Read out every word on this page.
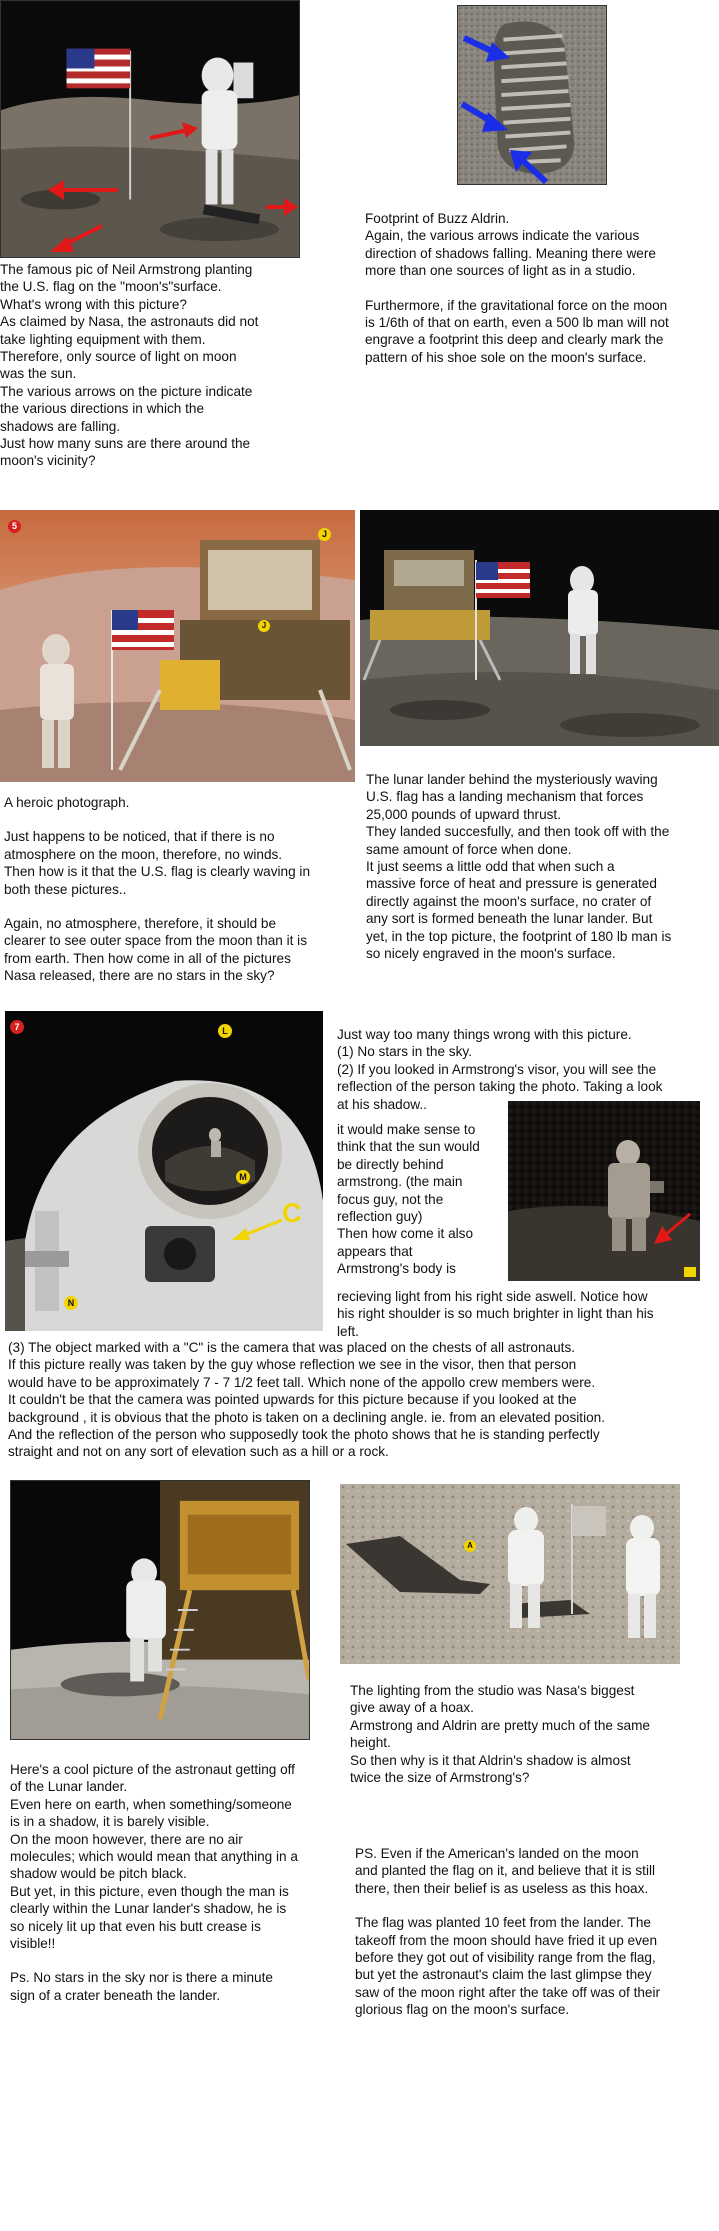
The famous pic of Neil Armstrong planting

the U.S. flag on the "moon's"surface.

What's wrong with this picture?

As claimed by Nasa, the astronauts did not

take lighting equipment with them.

Therefore, only source of light on moon

was the sun.

The various arrows on the picture indicate

the various directions in which the

shadows are falling.

Just how many suns are there around the

moon's vicinity?

Footprint of Buzz Aldrin.

Again, the various arrows indicate the various

direction of shadows falling. Meaning there were

more than one sources of light as in a studio.

Furthermore, if the gravitational force on the moon

is 1/6th of that on earth, even a 500 lb man will not

engrave a footprint this deep and clearly mark the

pattern of his shoe sole on the moon's surface.

5
J
J

A heroic photograph.

Just happens to be noticed, that if there is no

atmosphere on the moon, therefore, no winds.

Then how is it that the U.S. flag is clearly waving in

both these pictures..

Again, no atmosphere, therefore, it should be

clearer to see outer space from the moon than it is

from earth. Then how come in all of the pictures

Nasa released, there are no stars in the sky?

The lunar lander behind the mysteriously waving

U.S. flag has a landing mechanism that forces

25,000 pounds of upward thrust.

They landed succesfully, and then took off with the

same amount of force when done.

It just seems a little odd that when such a

massive force of heat and pressure is generated

directly against the moon's surface, no crater of

any sort is formed beneath the lunar lander. But

yet, in the top picture, the footprint of 180 lb man is

so nicely engraved in the moon's surface.

7	L
M
N
C

Just way too many things wrong with this picture.

(1) No stars in the sky.

(2) If you looked in Armstrong's visor, you will see the

reflection of the person taking the photo. Taking a look

at his shadow..

it would make sense to

think that the sun would

be directly behind

armstrong. (the main

focus guy, not the

reflection guy)

Then how come it also

appears that

Armstrong's body is

recieving light from his right side aswell. Notice how

his right shoulder is so much brighter in light than his

left.

(3) The object marked with a "C" is the camera that was placed on the chests of all astronauts.

If this picture really was taken by the guy whose reflection we see in the visor, then that person

would have to be approximately 7 - 7 1/2 feet tall. Which none of the appollo crew members were.

It couldn't be that the camera was pointed upwards for this picture because if you looked at the

background , it is obvious that the photo is taken on a declining angle. ie. from an elevated position.

And the reflection of the person who supposedly took the photo shows that he is standing perfectly

straight and not on any sort of elevation such as a hill or a rock.

A

Here's a cool picture of the astronaut getting off

of the Lunar lander.

Even here on earth, when something/someone

is in a shadow, it is barely visible.

On the moon however, there are no air

molecules; which would mean that anything in a

shadow would be pitch black.

But yet, in this picture, even though the man is

clearly within the Lunar lander's shadow, he is

so nicely lit up that even his butt crease is

visible!!

Ps. No stars in the sky nor is there a minute

sign of a crater beneath the lander.

The lighting from the studio was Nasa's biggest

give away of a hoax.

Armstrong and Aldrin are pretty much of the same

height.

So then why is it that Aldrin's shadow is almost

twice the size of Armstrong's?

PS. Even if the American's landed on the moon

and planted the flag on it, and believe that it is still

there, then their belief is as useless as this hoax.

The flag was planted 10 feet from the lander. The

takeoff from the moon should have fried it up even

before they got out of visibility range from the flag,

but yet the astronaut's claim the last glimpse they

saw of the moon right after the take off was of their

glorious flag on the moon's surface.
